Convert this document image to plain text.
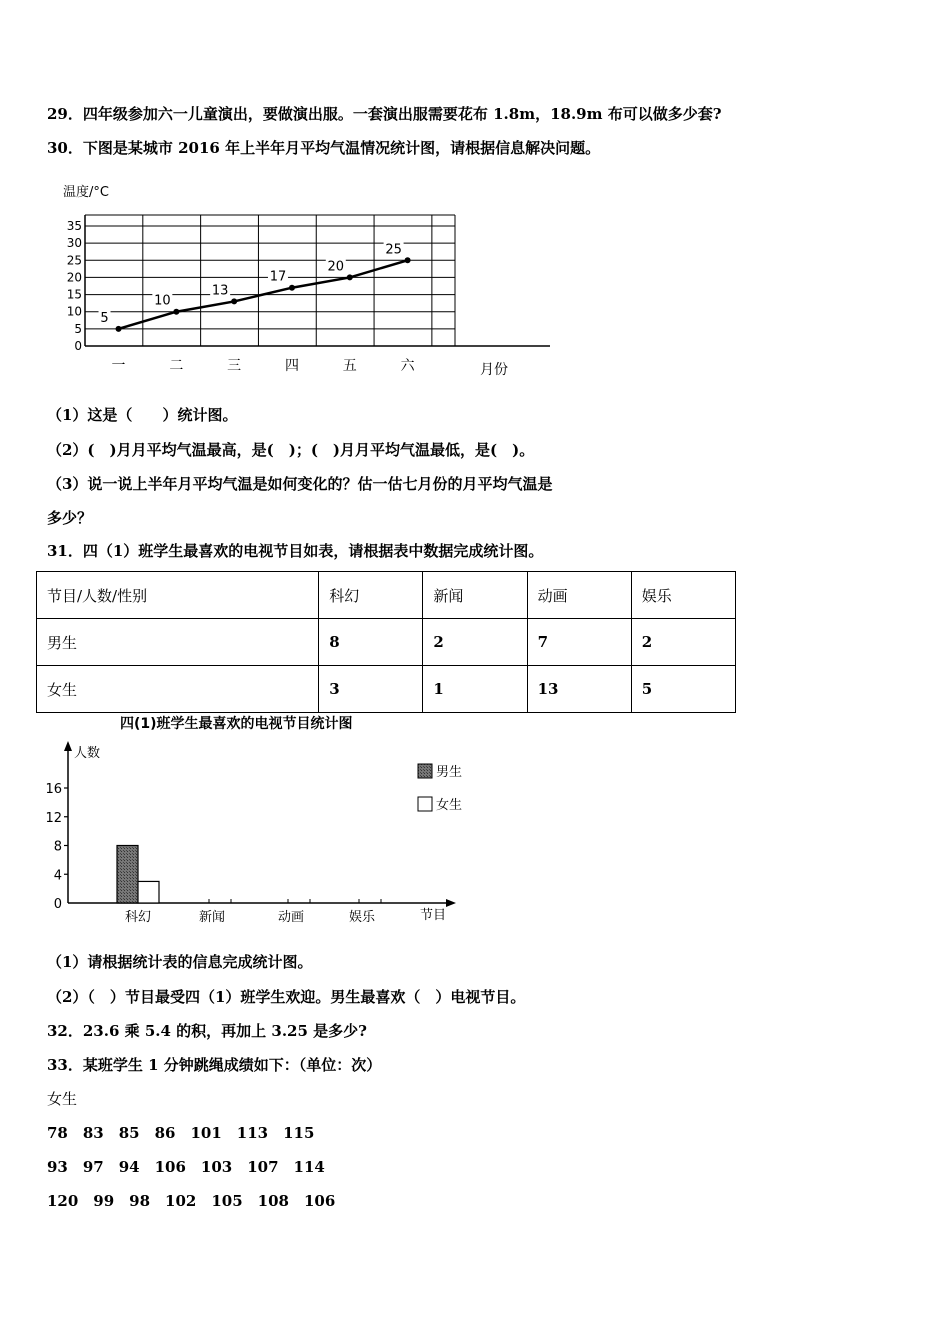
29．四年级参加六一儿童演出，要做演出服。一套演出服需要花布 1.8m，18.9m 布可以做多少套?
30．下图是某城市 2016 年上半年月平均气温情况统计图，请根据信息解决问题。
温度/°C
0
5
10
15
20
25
30
35
一	二	三	四	五	六
5
10
13
17
20
25
月份
（1）这是（　　）统计图。
（2）(　)月月平均气温最高，是(　)；(　)月月平均气温最低，是(　)。
（3）说一说上半年月平均气温是如何变化的？估一估七月份的月平均气温是
多少？
31．四（1）班学生最喜欢的电视节目如表，请根据表中数据完成统计图。
节目/人数/性别	科幻	新闻	动画	娱乐
男生	8	2	7	2
女生	3	1	13	5
四(1)班学生最喜欢的电视节目统计图
人数
0
4
8
12
16
科幻	新闻	动画	娱乐	节目
男生
女生
（1）请根据统计表的信息完成统计图。
（2）（　）节目最受四（1）班学生欢迎。男生最喜欢（　）电视节目。
32．23.6 乘 5.4 的积，再加上 3.25 是多少?
33．某班学生 1 分钟跳绳成绩如下：（单位：次）
女生
78　83　85　86　101　113　115
93　97　94　106　103　107　114
120　99　98　102　105　108　106
